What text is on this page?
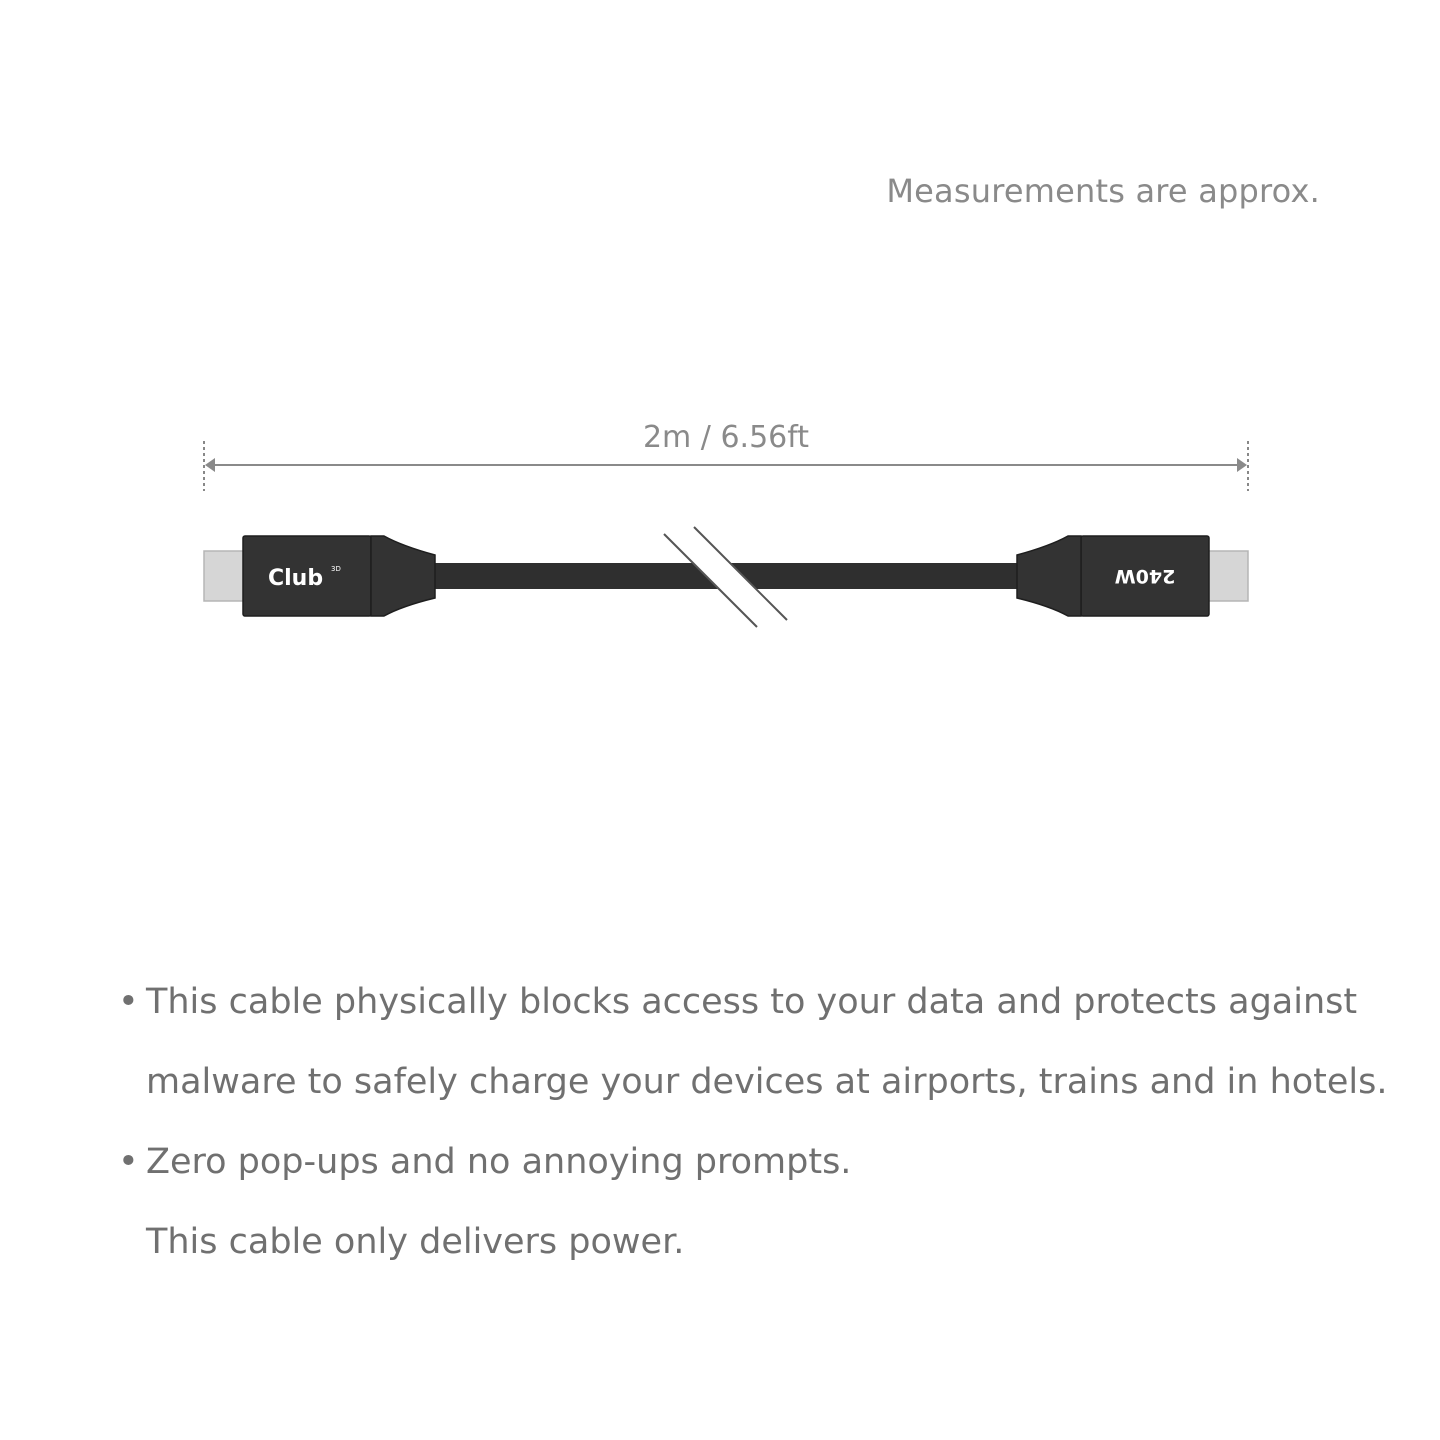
Measurements are approx.
2m / 6.56ft
Club 3D	240W
• This cable physically blocks access to your data and protects against
malware to safely charge your devices at airports, trains and in hotels.
• Zero pop-ups and no annoying prompts.
This cable only delivers power.
